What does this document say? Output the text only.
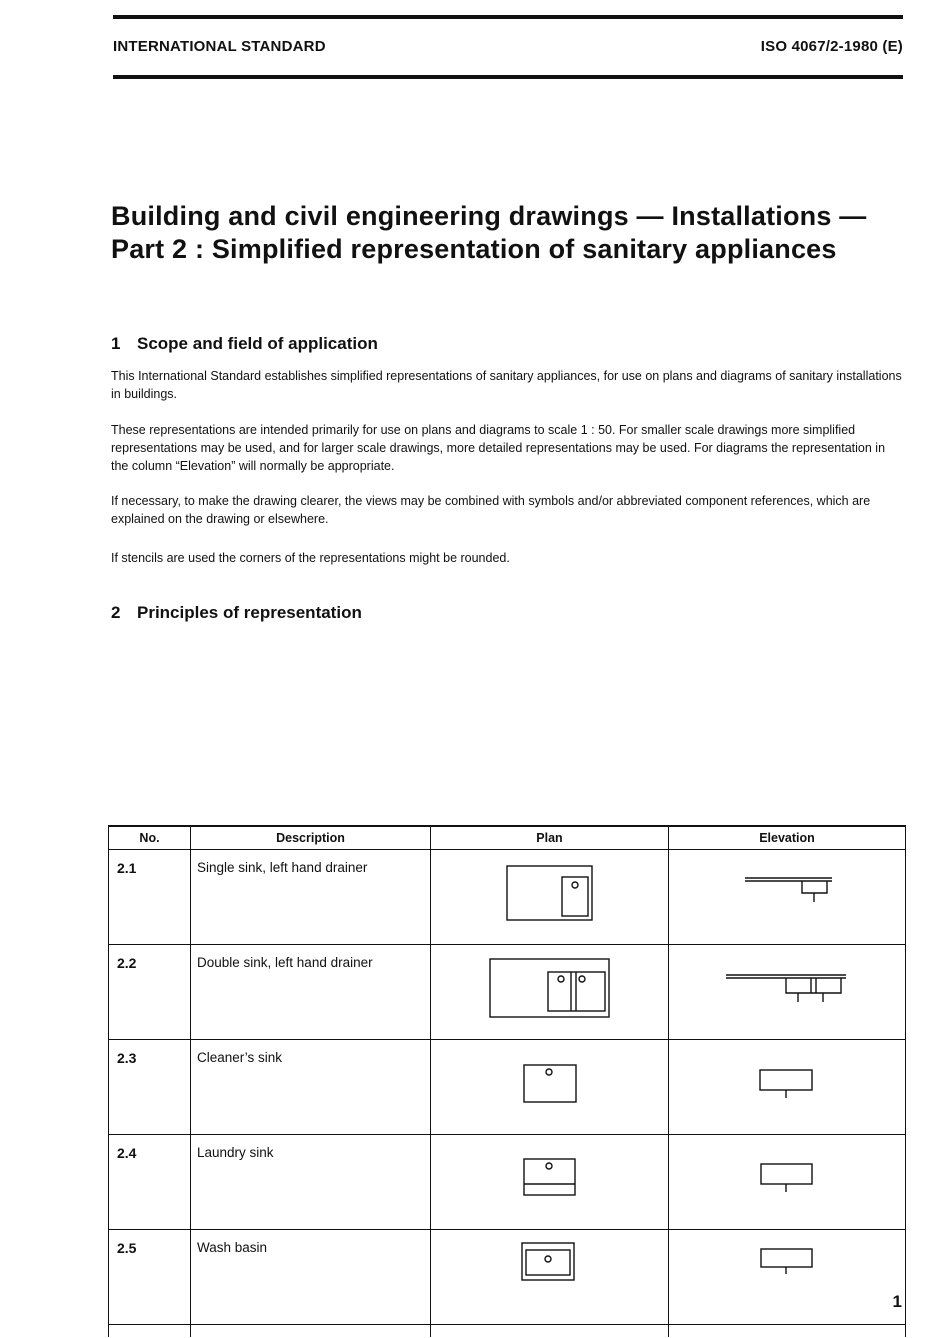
INTERNATIONAL STANDARD	ISO 4067/2-1980 (E)
Building and civil engineering drawings — Installations —
Part 2 : Simplified representation of sanitary appliances
1 Scope and field of application
This International Standard establishes simplified representations of sanitary appliances, for use on plans and diagrams of sanitary installations in buildings.
These representations are intended primarily for use on plans and diagrams to scale 1 : 50. For smaller scale drawings more simplified representations may be used, and for larger scale drawings, more detailed representations may be used. For diagrams the representation in the column “Elevation” will normally be appropriate.
If necessary, to make the drawing clearer, the views may be combined with symbols and/or abbreviated component references, which are explained on the drawing or elsewhere.
If stencils are used the corners of the representations might be rounded.
2 Principles of representation
No.	Description	Plan	Elevation
2.1	Single sink, left hand drainer	

2.2	Double sink, left hand drainer	

2.3	Cleaner’s sink	

2.4	Laundry sink	

2.5	Wash basin	

1
